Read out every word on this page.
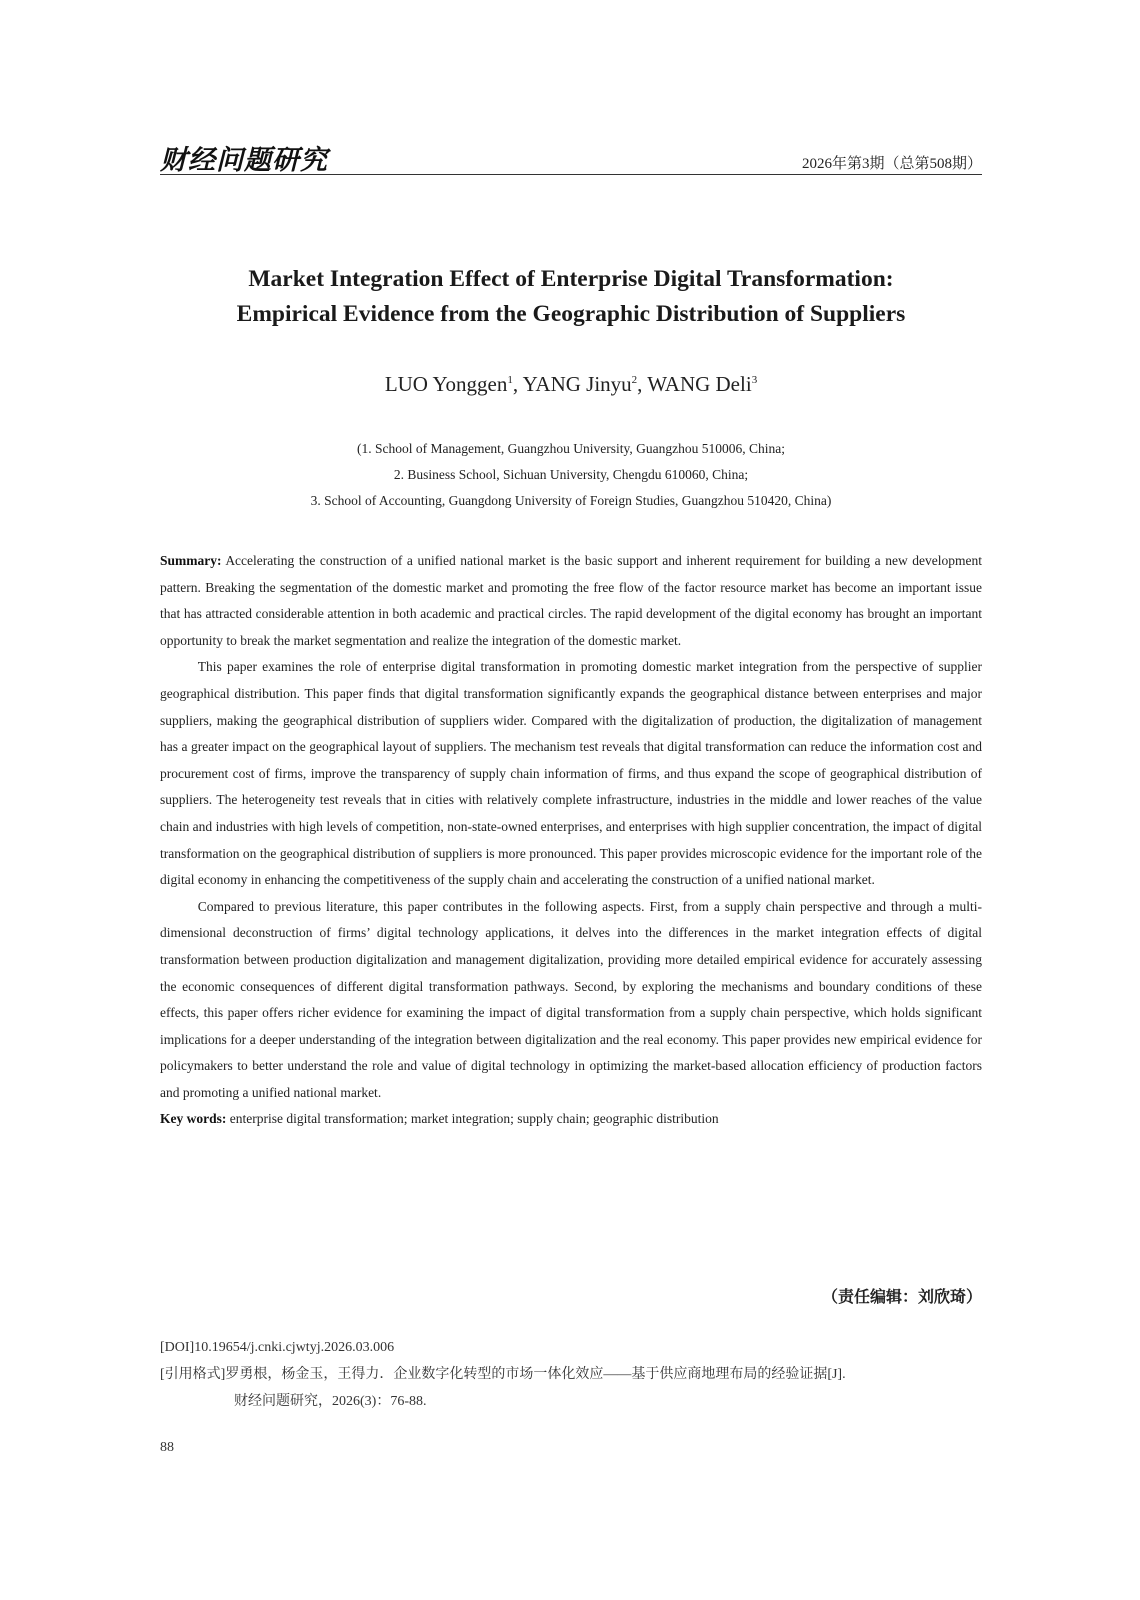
财经问题研究	2026年第3期（总第508期）
Market Integration Effect of Enterprise Digital Transformation:
Empirical Evidence from the Geographic Distribution of Suppliers
LUO Yonggen$^1$, YANG Jinyu$^2$, WANG Deli$^3$
(1. School of Management, Guangzhou University, Guangzhou 510006, China;
2. Business School, Sichuan University, Chengdu 610060, China;
3. School of Accounting, Guangdong University of Foreign Studies, Guangzhou 510420, China)

Summary: Accelerating the construction of a unified national market is the basic support and inherent requirement for building a new development pattern. Breaking the segmentation of the domestic market and promoting the free flow of the factor resource market has become an important issue that has attracted considerable attention in both academic and practical circles. The rapid development of the digital economy has brought an important opportunity to break the market segmentation and realize the integration of the domestic market.

This paper examines the role of enterprise digital transformation in promoting domestic market integration from the perspective of supplier geographical distribution. This paper finds that digital transformation significantly expands the geographical distance between enterprises and major suppliers, making the geographical distribution of suppliers wider. Compared with the digitalization of production, the digitalization of management has a greater impact on the geographical layout of suppliers. The mechanism test reveals that digital transformation can reduce the information cost and procurement cost of firms, improve the transparency of supply chain information of firms, and thus expand the scope of geographical distribution of suppliers. The heterogeneity test reveals that in cities with relatively complete infrastructure, industries in the middle and lower reaches of the value chain and industries with high levels of competition, non-state-owned enterprises, and enterprises with high supplier concentration, the impact of digital transformation on the geographical distribution of suppliers is more pronounced. This paper provides microscopic evidence for the important role of the digital economy in enhancing the competitiveness of the supply chain and accelerating the construction of a unified national market.

Compared to previous literature, this paper contributes in the following aspects. First, from a supply chain perspective and through a multi-dimensional deconstruction of firms’ digital technology applications, it delves into the differences in the market integration effects of digital transformation between production digitalization and management digitalization, providing more detailed empirical evidence for accurately assessing the economic consequences of different digital transformation pathways. Second, by exploring the mechanisms and boundary conditions of these effects, this paper offers richer evidence for examining the impact of digital transformation from a supply chain perspective, which holds significant implications for a deeper understanding of the integration between digitalization and the real economy. This paper provides new empirical evidence for policymakers to better understand the role and value of digital technology in optimizing the market-based allocation efficiency of production factors and promoting a unified national market.

Key words: enterprise digital transformation; market integration; supply chain; geographic distribution

（责任编辑：刘欣琦）
[DOI]10.19654/j.cnki.cjwtyj.2026.03.006
[引用格式]罗勇根，杨金玉，王得力．企业数字化转型的市场一体化效应——基于供应商地理布局的经验证据[J].
财经问题研究，2026(3)：76-88.
88
